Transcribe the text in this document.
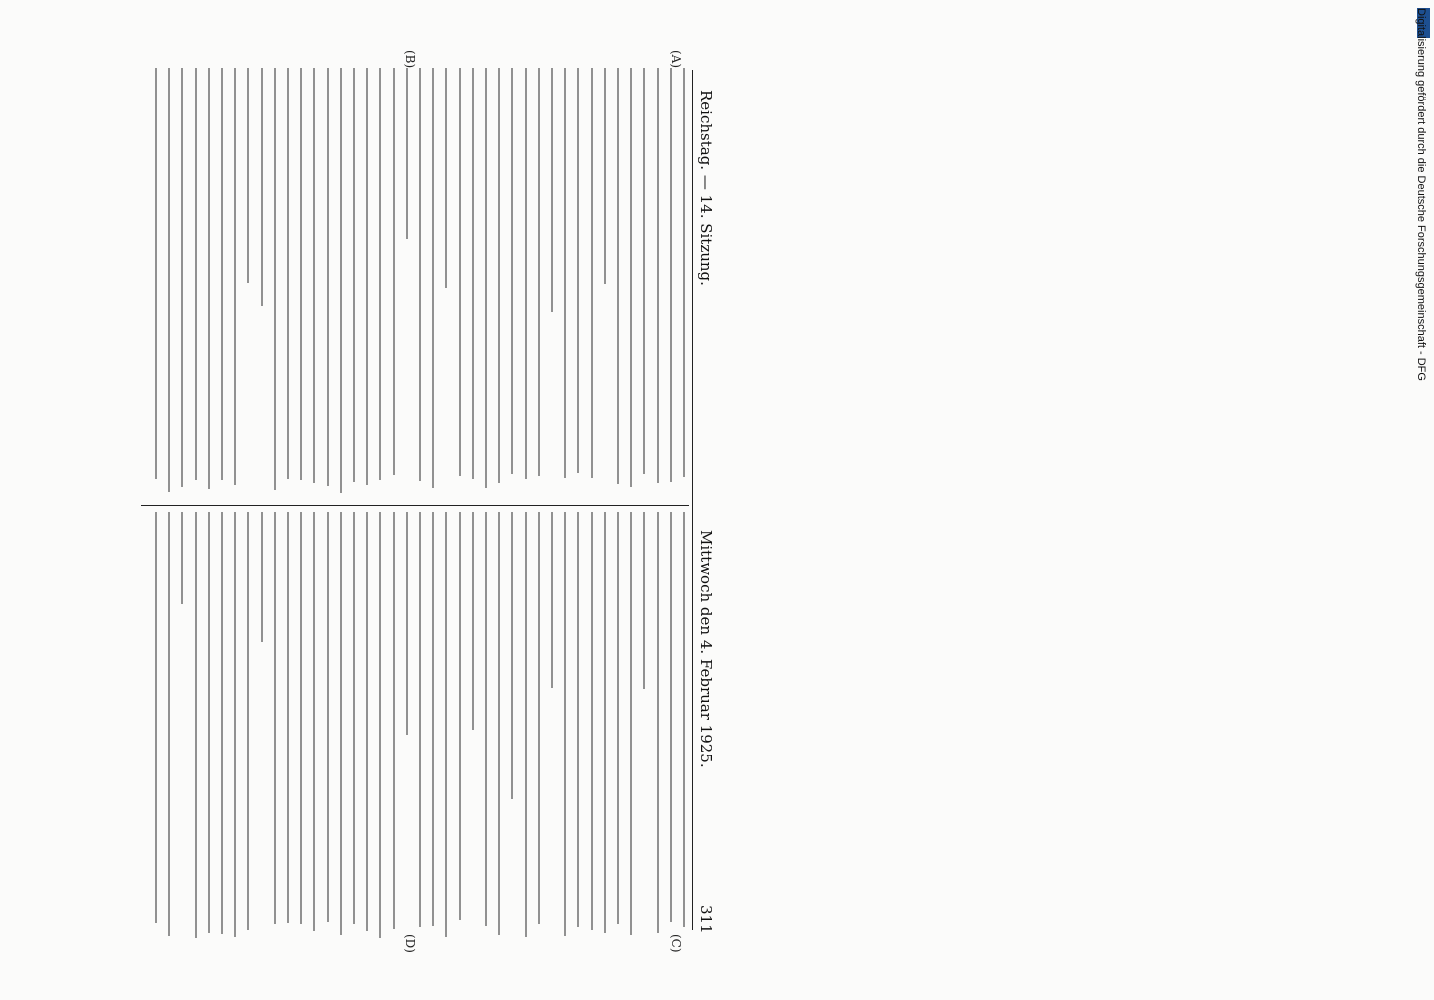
Reichstag. — 14. Sitzung.
Mittwoch den 4. Februar 1925.
311
(A)
(B)
(C)
(D)
Digitalisierung gefördert durch die Deutsche Forschungsgemeinschaft - DFG
